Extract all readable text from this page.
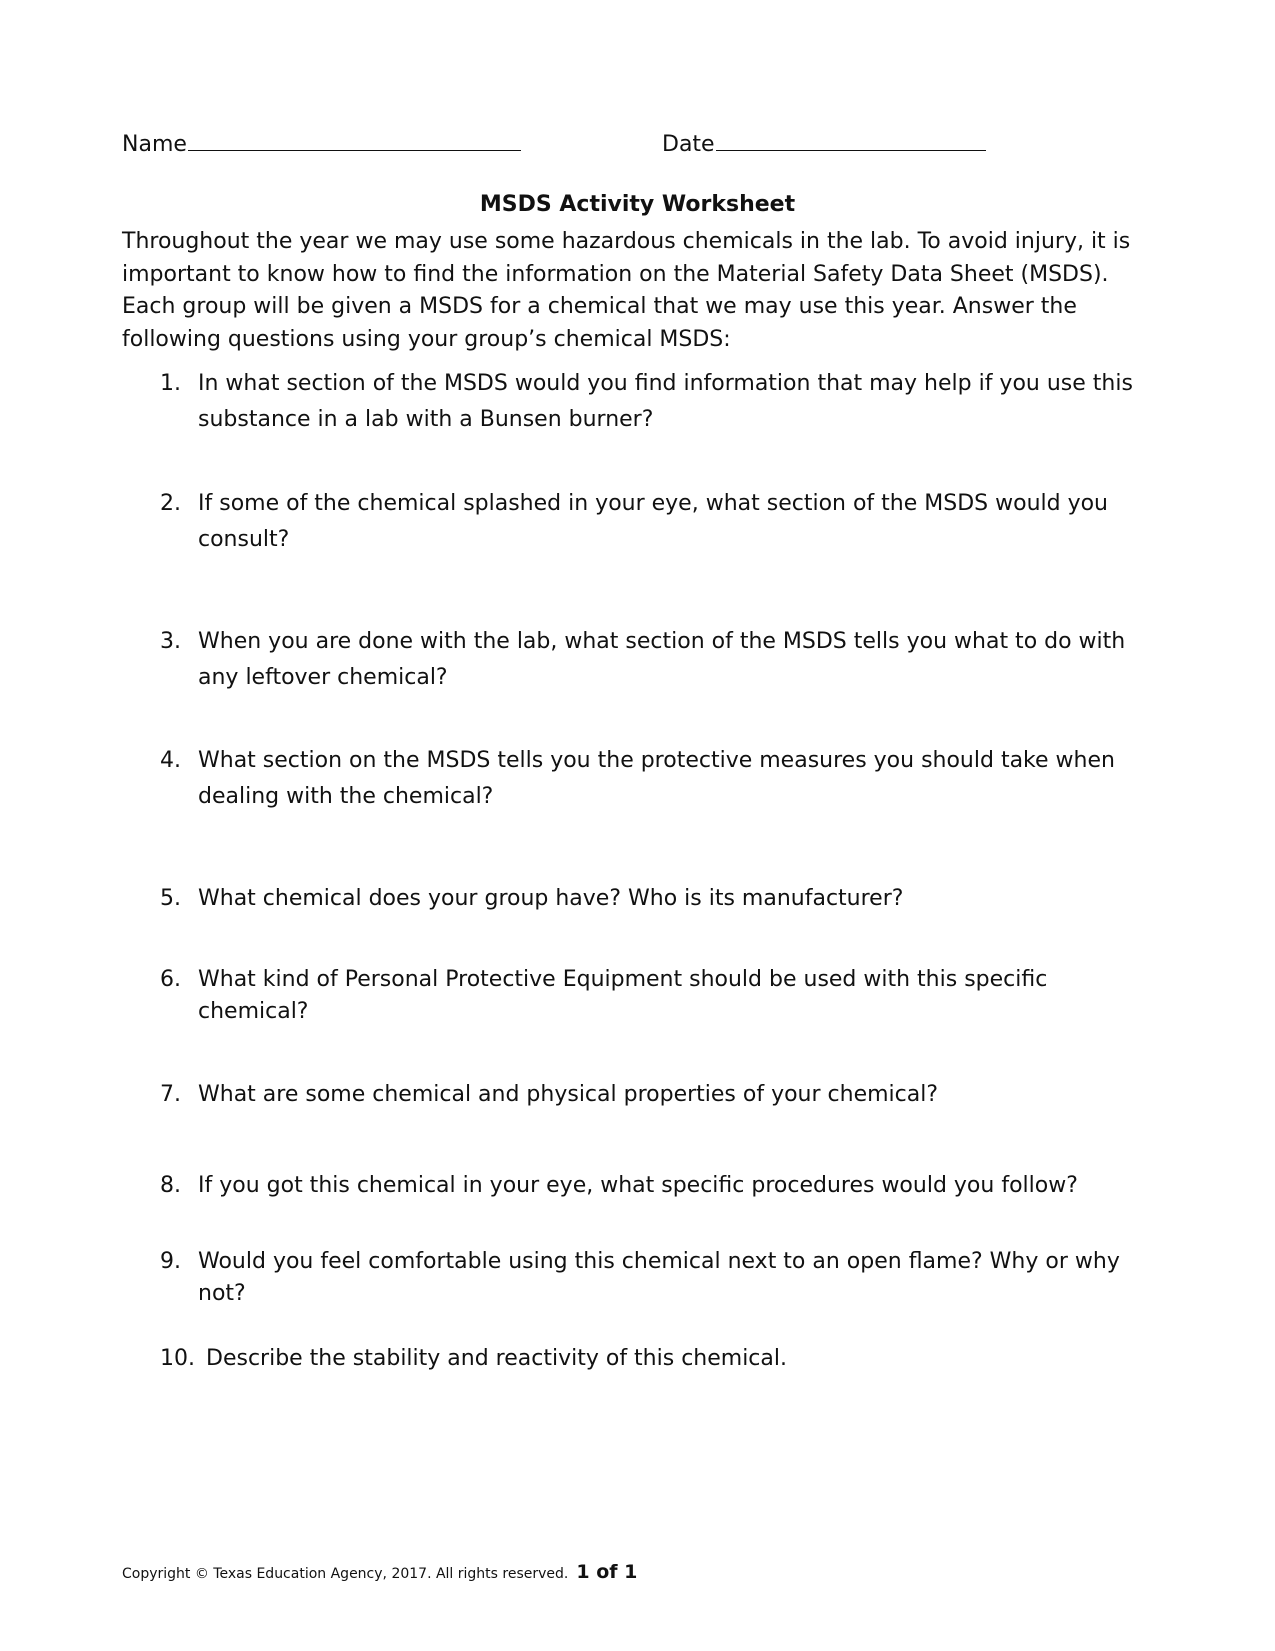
Name	Date
MSDS Activity Worksheet
Throughout the year we may use some hazardous chemicals in the lab. To avoid injury, it is important to know how to find the information on the Material Safety Data Sheet (MSDS). Each group will be given a MSDS for a chemical that we may use this year. Answer the following questions using your group’s chemical MSDS:
1. In what section of the MSDS would you find information that may help if you use this substance in a lab with a Bunsen burner?
2. If some of the chemical splashed in your eye, what section of the MSDS would you consult?
3. When you are done with the lab, what section of the MSDS tells you what to do with any leftover chemical?
4. What section on the MSDS tells you the protective measures you should take when dealing with the chemical?
5. What chemical does your group have? Who is its manufacturer?
6. What kind of Personal Protective Equipment should be used with this specific chemical?
7. What are some chemical and physical properties of your chemical?
8. If you got this chemical in your eye, what specific procedures would you follow?
9. Would you feel comfortable using this chemical next to an open flame? Why or why not?
10. Describe the stability and reactivity of this chemical.
Copyright © Texas Education Agency, 2017. All rights reserved. 1 of 1
